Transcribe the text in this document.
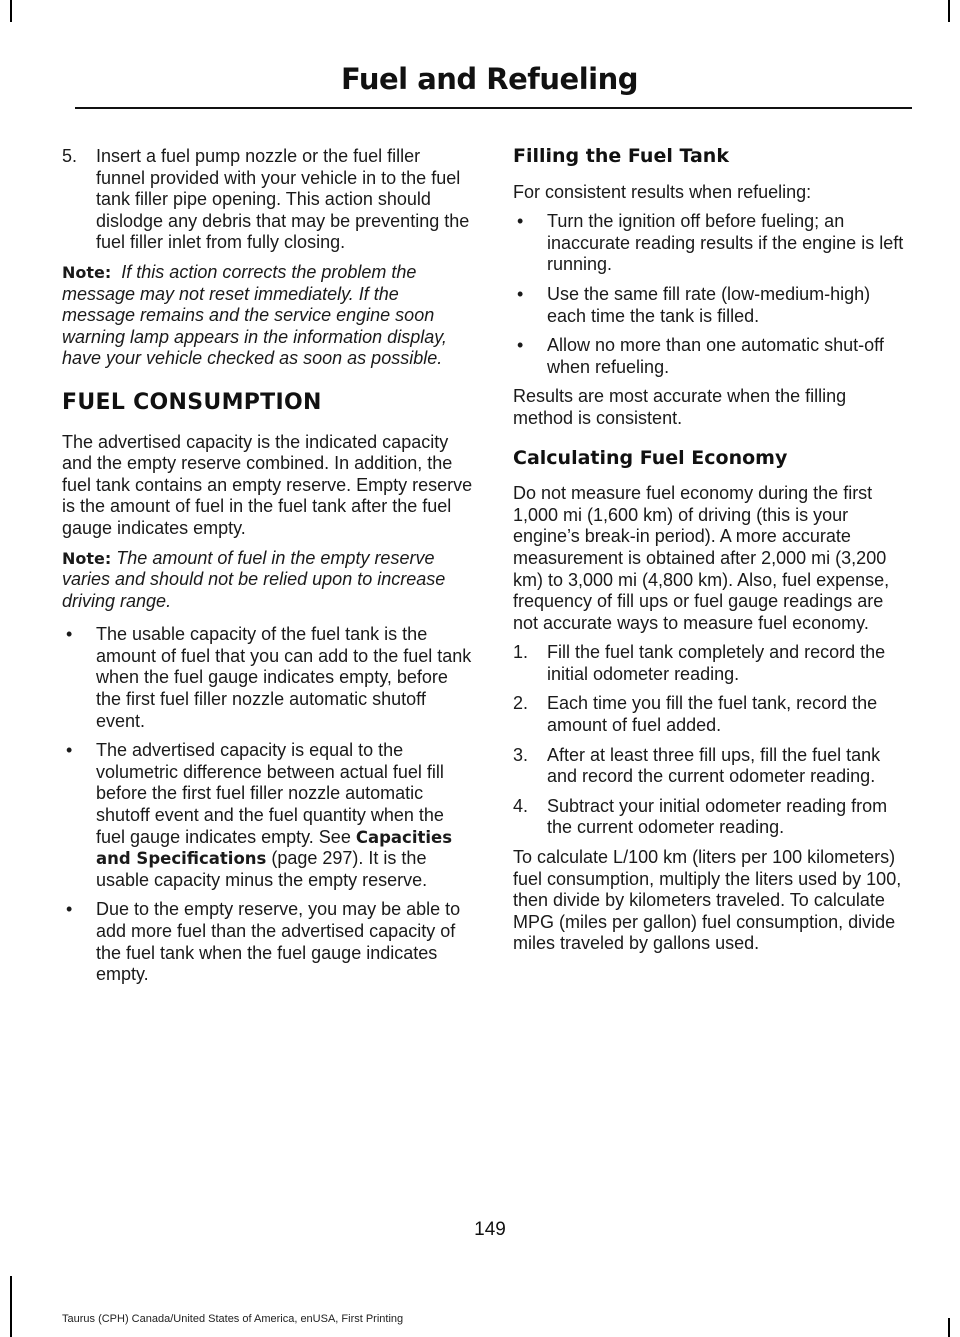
Fuel and Refueling
5. Insert a fuel pump nozzle or the fuel filler funnel provided with your vehicle in to the fuel tank filler pipe opening. This action should dislodge any debris that may be preventing the fuel filler inlet from fully closing.

Note: If this action corrects the problem the message may not reset immediately. If the message remains and the service engine soon warning lamp appears in the information display, have your vehicle checked as soon as possible.

FUEL CONSUMPTION

The advertised capacity is the indicated capacity and the empty reserve combined. In addition, the fuel tank contains an empty reserve. Empty reserve is the amount of fuel in the fuel tank after the fuel gauge indicates empty.

Note: The amount of fuel in the empty reserve varies and should not be relied upon to increase driving range.

• The usable capacity of the fuel tank is the amount of fuel that you can add to the fuel tank when the fuel gauge indicates empty, before the first fuel filler nozzle automatic shutoff event.
• The advertised capacity is equal to the volumetric difference between actual fuel fill before the first fuel filler nozzle automatic shutoff event and the fuel quantity when the fuel gauge indicates empty. See Capacities and Specifications (page 297). It is the usable capacity minus the empty reserve.
• Due to the empty reserve, you may be able to add more fuel than the advertised capacity of the fuel tank when the fuel gauge indicates empty.
Filling the Fuel Tank

For consistent results when refueling:

• Turn the ignition off before fueling; an inaccurate reading results if the engine is left running.
• Use the same fill rate (low-medium-high) each time the tank is filled.
• Allow no more than one automatic shut-off when refueling.

Results are most accurate when the filling method is consistent.

Calculating Fuel Economy

Do not measure fuel economy during the first 1,000 mi (1,600 km) of driving (this is your engine’s break-in period). A more accurate measurement is obtained after 2,000 mi (3,200 km) to 3,000 mi (4,800 km). Also, fuel expense, frequency of fill ups or fuel gauge readings are not accurate ways to measure fuel economy.

1. Fill the fuel tank completely and record the initial odometer reading.
2. Each time you fill the fuel tank, record the amount of fuel added.
3. After at least three fill ups, fill the fuel tank and record the current odometer reading.
4. Subtract your initial odometer reading from the current odometer reading.

To calculate L/100 km (liters per 100 kilometers) fuel consumption, multiply the liters used by 100, then divide by kilometers traveled. To calculate MPG (miles per gallon) fuel consumption, divide miles traveled by gallons used.

149
Taurus (CPH) Canada/United States of America, enUSA, First Printing
